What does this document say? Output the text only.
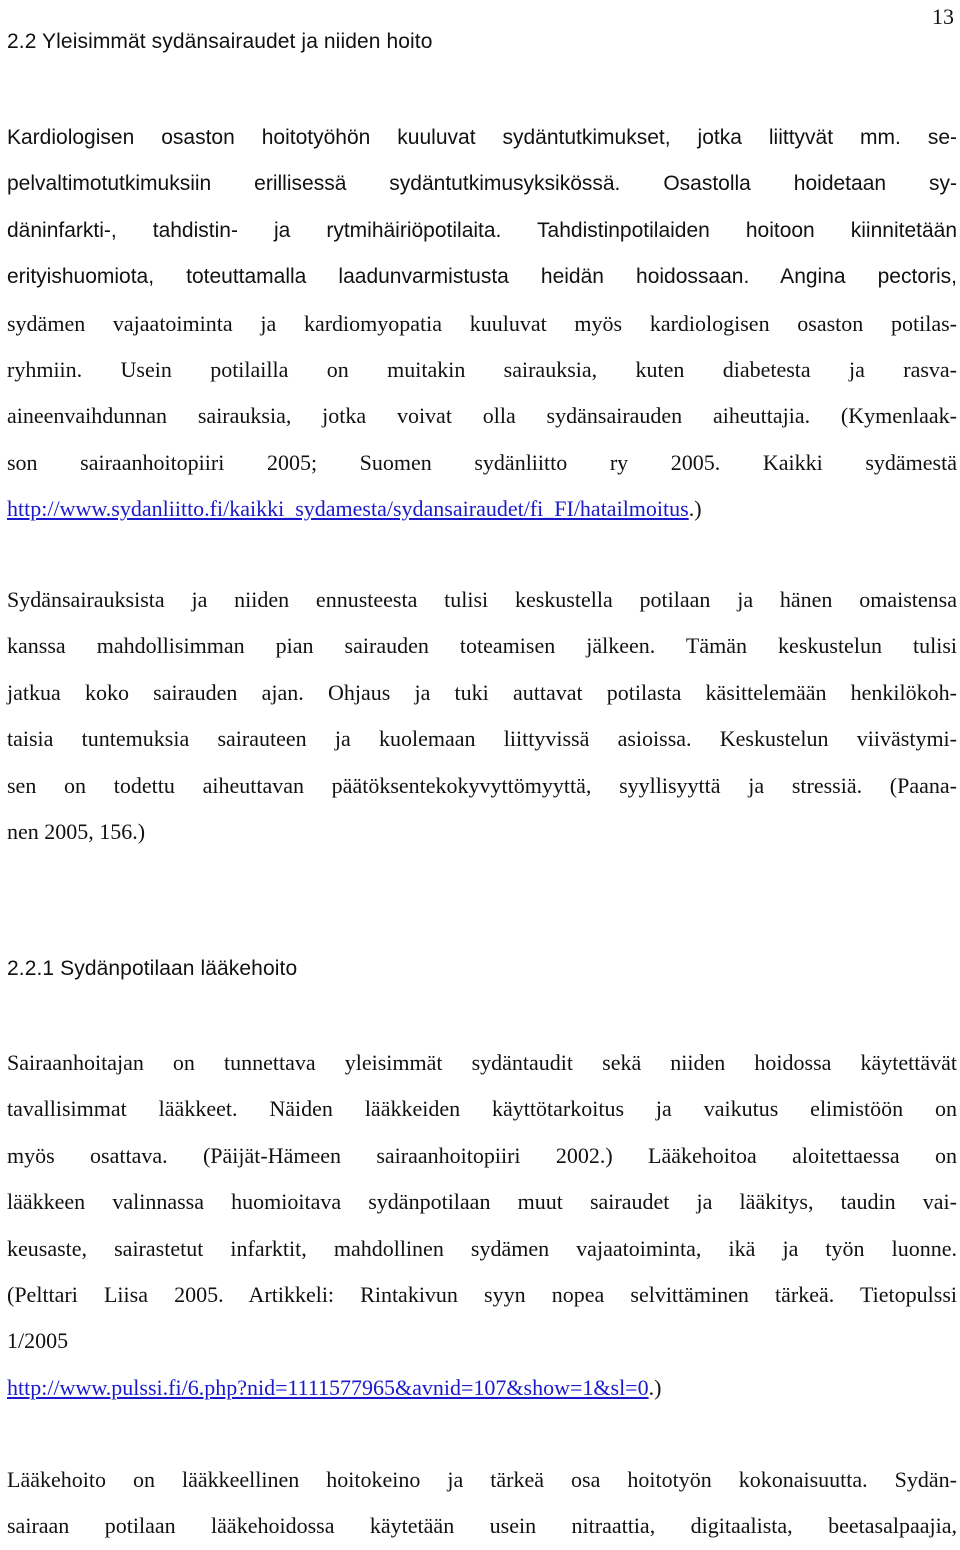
13
2.2 Yleisimmät sydänsairaudet ja niiden hoito
Kardiologisen osaston hoitotyöhön kuuluvat sydäntutkimukset, jotka liittyvät mm. se-
pelvaltimotutkimuksiin erillisessä sydäntutkimusyksikössä. Osastolla hoidetaan sy-
däninfarkti-, tahdistin- ja rytmihäiriöpotilaita. Tahdistinpotilaiden hoitoon kiinnitetään
erityishuomiota, toteuttamalla laadunvarmistusta heidän hoidossaan. Angina pectoris,
sydämen vajaatoiminta ja kardiomyopatia kuuluvat myös kardiologisen osaston potilas-
ryhmiin. Usein potilailla on muitakin sairauksia, kuten diabetesta ja rasva-
aineenvaihdunnan sairauksia, jotka voivat olla sydänsairauden aiheuttajia. (Kymenlaak-
son sairaanhoitopiiri 2005; Suomen sydänliitto ry 2005. Kaikki sydämestä
http://www.sydanliitto.fi/kaikki_sydamesta/sydansairaudet/fi_FI/hatailmoitus.)
Sydänsairauksista ja niiden ennusteesta tulisi keskustella potilaan ja hänen omaistensa
kanssa mahdollisimman pian sairauden toteamisen jälkeen. Tämän keskustelun tulisi
jatkua koko sairauden ajan. Ohjaus ja tuki auttavat potilasta käsittelemään henkilökoh-
taisia tuntemuksia sairauteen ja kuolemaan liittyvissä asioissa. Keskustelun viivästymi-
sen on todettu aiheuttavan päätöksentekokyvyttömyyttä, syyllisyyttä ja stressiä. (Paana-
nen 2005, 156.)
2.2.1 Sydänpotilaan lääkehoito
Sairaanhoitajan on tunnettava yleisimmät sydäntaudit sekä niiden hoidossa käytettävät
tavallisimmat lääkkeet. Näiden lääkkeiden käyttötarkoitus ja vaikutus elimistöön on
myös osattava. (Päijät-Hämeen sairaanhoitopiiri 2002.) Lääkehoitoa aloitettaessa on
lääkkeen valinnassa huomioitava sydänpotilaan muut sairaudet ja lääkitys, taudin vai-
keusaste, sairastetut infarktit, mahdollinen sydämen vajaatoiminta, ikä ja työn luonne.
(Pelttari Liisa 2005. Artikkeli: Rintakivun syyn nopea selvittäminen tärkeä. Tietopulssi
1/2005
http://www.pulssi.fi/6.php?nid=1111577965&avnid=107&show=1&sl=0.)
Lääkehoito on lääkkeellinen hoitokeino ja tärkeä osa hoitotyön kokonaisuutta. Sydän-
sairaan potilaan lääkehoidossa käytetään usein nitraattia, digitaalista, beetasalpaajia,
